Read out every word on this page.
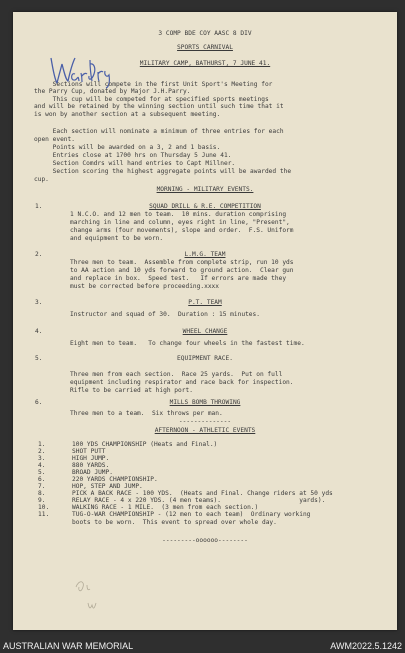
3 COMP BDE COY AASC 8 DIV

SPORTS CARNIVAL

MILITARY CAMP, BATHURST, 7 JUNE 41.

Sections will compete in the first Unit Sport's Meeting for

the Parry Cup, donated by Major J.H.Parry.

This cup will be competed for at specified sports meetings

and will be retained by the winning section until such time that it

is won by another section at a subsequent meeting.

Each section will nominate a minimum of three entries for each

open event.

Points will be awarded on a 3, 2 and 1 basis.

Entries close at 1700 hrs on Thursday 5 June 41.

Section Comdrs will hand entries to Capt Millner.

Section scoring the highest aggregate points will be awarded the

cup.

MORNING - MILITARY EVENTS.

1.	SQUAD DRILL & R.E. COMPETITION

1 N.C.O. and 12 men to team.  10 mins. duration comprising

marching in line and column, eyes right in line, "Present",

change arms (four movements), slope and order.  F.S. Uniform

and equipment to be worn.

2.	L.M.G. TEAM

Three men to team.  Assemble from complete strip, run 10 yds

to AA action and 10 yds forward to ground action.  Clear gun

and replace in box.  Speed test.   If errors are made they

must be corrected before proceeding.xxxx

3.	P.T. TEAM

Instructor and squad of 30.  Duration : 15 minutes.

4.	WHEEL CHANGE

Eight men to team.   To change four wheels in the fastest time.

5.	EQUIPMENT RACE.

Three men from each section.  Race 25 yards.  Put on full

equipment including respirator and race back for inspection.

Rifle to be carried at high port.

6.	MILLS BOMB THROWING

Three men to a team.  Six throws per man.

--------------

AFTERNOON - ATHLETIC EVENTS

1.	100 YDS CHAMPIONSHIP (Heats and Final.)

2.	SHOT PUTT

3.	HIGH JUMP.

4.	880 YARDS.

5.	BROAD JUMP.

6.	220 YARDS CHAMPIONSHIP.

7.	HOP, STEP AND JUMP.

8.	PICK A BACK RACE - 100 YDS.  (Heats and Final. Change riders at 50 yds

9.	RELAY RACE - 4 x 220 YDS. (4 men teams).                     yards).

10.	WALKING RACE - 1 MILE.  (3 men from each section.)

11.	TUG-O-WAR CHAMPIONSHIP - (12 men to each team)  Ordinary working

boots to be worn.  This event to spread over whole day.

---------oooooo--------

AUSTRALIAN WAR MEMORIAL	AWM2022.5.1242
